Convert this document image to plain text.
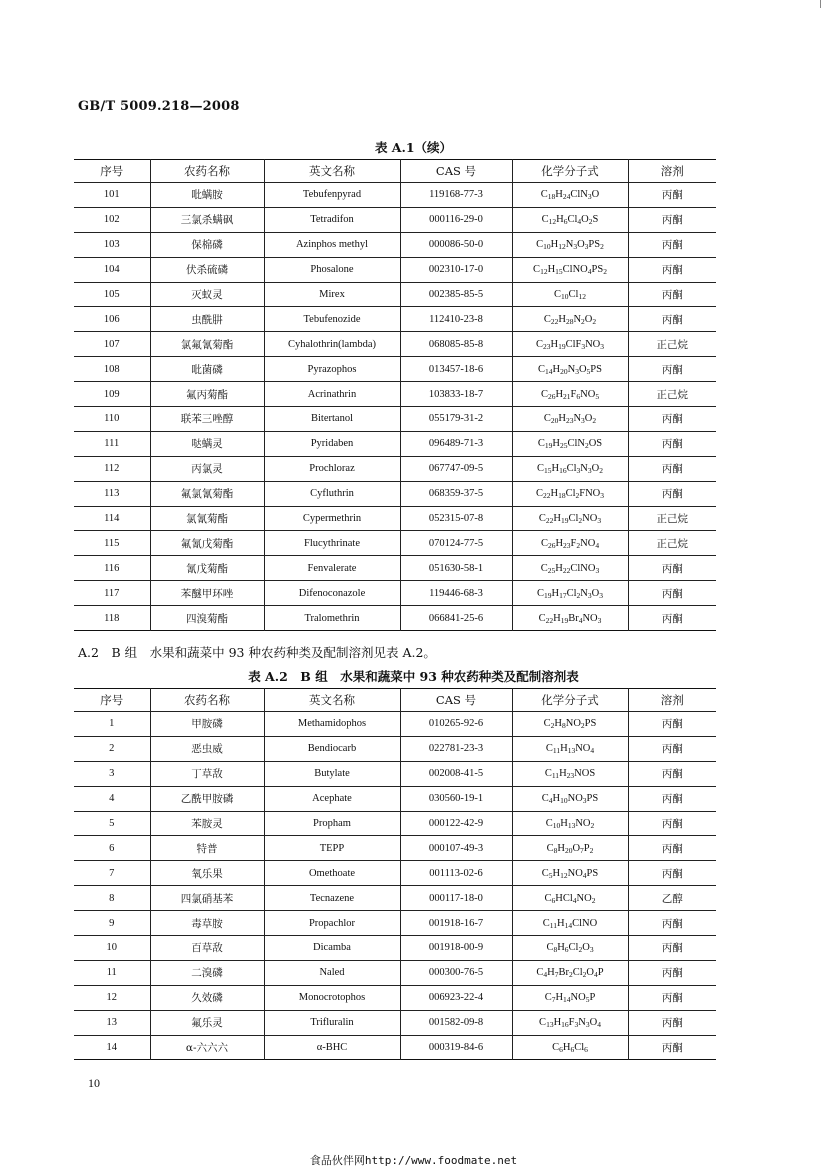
GB/T 5009.218—2008
表 A.1（续）
序号	农药名称	英文名称	CAS 号	化学分子式	溶剂
101	吡螨胺	Tebufenpyrad	119168-77-3	$C_{18}H_{24}ClN_3O$	丙酮
102	三氯杀螨砜	Tetradifon	000116-29-0	$C_{12}H_6Cl_4O_2S$	丙酮
103	保棉磷	Azinphos methyl	000086-50-0	$C_{10}H_{12}N_3O_3PS_2$	丙酮
104	伏杀硫磷	Phosalone	002310-17-0	$C_{12}H_{15}ClNO_4PS_2$	丙酮
105	灭蚁灵	Mirex	002385-85-5	$C_{10}Cl_{12}$	丙酮
106	虫酰肼	Tebufenozide	112410-23-8	$C_{22}H_{28}N_2O_2$	丙酮
107	氯氟氰菊酯	Cyhalothrin(lambda)	068085-85-8	$C_{23}H_{19}ClF_3NO_3$	正己烷
108	吡菌磷	Pyrazophos	013457-18-6	$C_{14}H_{20}N_3O_5PS$	丙酮
109	氟丙菊酯	Acrinathrin	103833-18-7	$C_{26}H_{21}F_6NO_5$	正己烷
110	联苯三唑醇	Bitertanol	055179-31-2	$C_{20}H_{23}N_3O_2$	丙酮
111	哒螨灵	Pyridaben	096489-71-3	$C_{19}H_{25}ClN_2OS$	丙酮
112	丙氯灵	Prochloraz	067747-09-5	$C_{15}H_{16}Cl_3N_3O_2$	丙酮
113	氟氯氰菊酯	Cyfluthrin	068359-37-5	$C_{22}H_{18}Cl_2FNO_3$	丙酮
114	氯氰菊酯	Cypermethrin	052315-07-8	$C_{22}H_{19}Cl_2NO_3$	正己烷
115	氟氰戊菊酯	Flucythrinate	070124-77-5	$C_{26}H_{23}F_2NO_4$	正己烷
116	氰戊菊酯	Fenvalerate	051630-58-1	$C_{25}H_{22}ClNO_3$	丙酮
117	苯醚甲环唑	Difenoconazole	119446-68-3	$C_{19}H_{17}Cl_2N_3O_3$	丙酮
118	四溴菊酯	Tralomethrin	066841-25-6	$C_{22}H_{19}Br_4NO_3$	丙酮
A.2　B 组　水果和蔬菜中 93 种农药种类及配制溶剂见表 A.2。
表 A.2　B 组　水果和蔬菜中 93 种农药种类及配制溶剂表
序号	农药名称	英文名称	CAS 号	化学分子式	溶剂
1	甲胺磷	Methamidophos	010265-92-6	$C_2H_8NO_2PS$	丙酮
2	恶虫威	Bendiocarb	022781-23-3	$C_{11}H_{13}NO_4$	丙酮
3	丁草敌	Butylate	002008-41-5	$C_{11}H_{23}NOS$	丙酮
4	乙酰甲胺磷	Acephate	030560-19-1	$C_4H_{10}NO_3PS$	丙酮
5	苯胺灵	Propham	000122-42-9	$C_{10}H_{13}NO_2$	丙酮
6	特普	TEPP	000107-49-3	$C_8H_{20}O_7P_2$	丙酮
7	氧乐果	Omethoate	001113-02-6	$C_5H_{12}NO_4PS$	丙酮
8	四氯硝基苯	Tecnazene	000117-18-0	$C_6HCl_4NO_2$	乙醇
9	毒草胺	Propachlor	001918-16-7	$C_{11}H_{14}ClNO$	丙酮
10	百草敌	Dicamba	001918-00-9	$C_8H_6Cl_2O_3$	丙酮
11	二溴磷	Naled	000300-76-5	$C_4H_7Br_2Cl_2O_4P$	丙酮
12	久效磷	Monocrotophos	006923-22-4	$C_7H_{14}NO_5P$	丙酮
13	氟乐灵	Trifluralin	001582-09-8	$C_{13}H_{16}F_3N_3O_4$	丙酮
14	α-六六六	α-BHC	000319-84-6	$C_6H_6Cl_6$	丙酮
10
食品伙伴网http://www.foodmate.net
